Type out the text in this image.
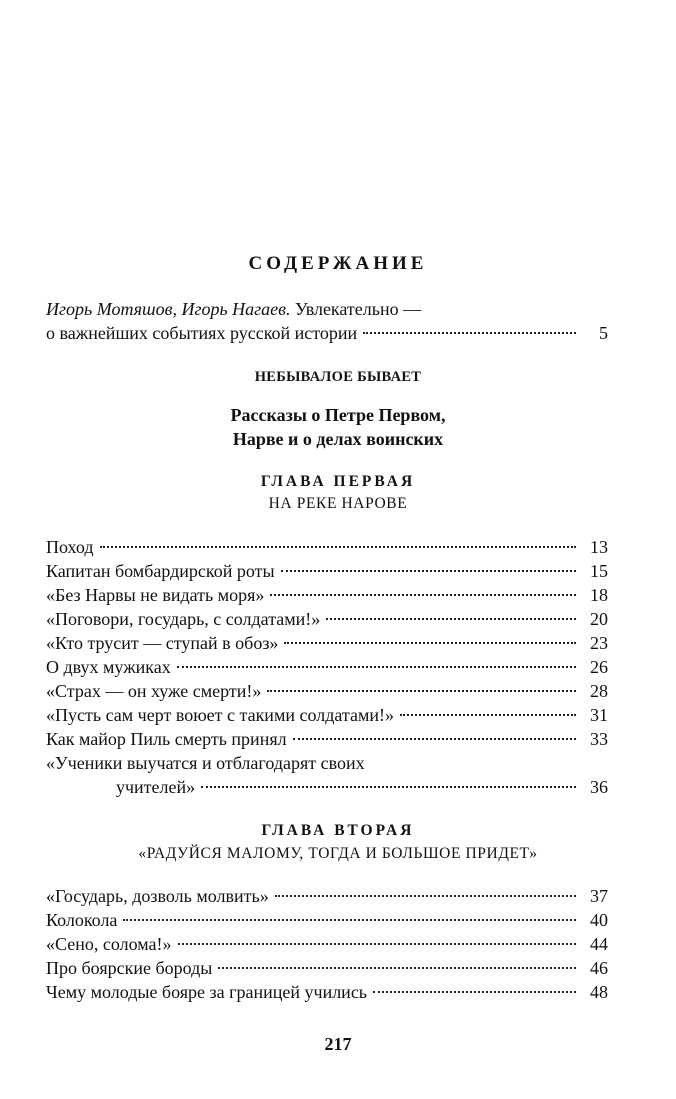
СОДЕРЖАНИЕ
Игорь Мотяшов, Игорь Нагаев. Увлекательно —
о важнейших событиях русской истории	5
НЕБЫВАЛОЕ БЫВАЕТ
Рассказы о Петре Первом,
Нарве и о делах воинских
ГЛАВА ПЕРВАЯ
НА РЕКЕ НАРОВЕ
Поход	13
Капитан бомбардирской роты	15
«Без Нарвы не видать моря»	18
«Поговори, государь, с солдатами!»	20
«Кто трусит — ступай в обоз»	23
О двух мужиках	26
«Страх — он хуже смерти!»	28
«Пусть сам черт воюет с такими солдатами!»	31
Как майор Пиль смерть принял	33
«Ученики выучатся и отблагодарят своих
учителей»	36
ГЛАВА ВТОРАЯ
«РАДУЙСЯ МАЛОМУ, ТОГДА И БОЛЬШОЕ ПРИДЕТ»
«Государь, дозволь молвить»	37
Колокола	40
«Сено, солома!»	44
Про боярские бороды	46
Чему молодые бояре за границей учились	48
217
